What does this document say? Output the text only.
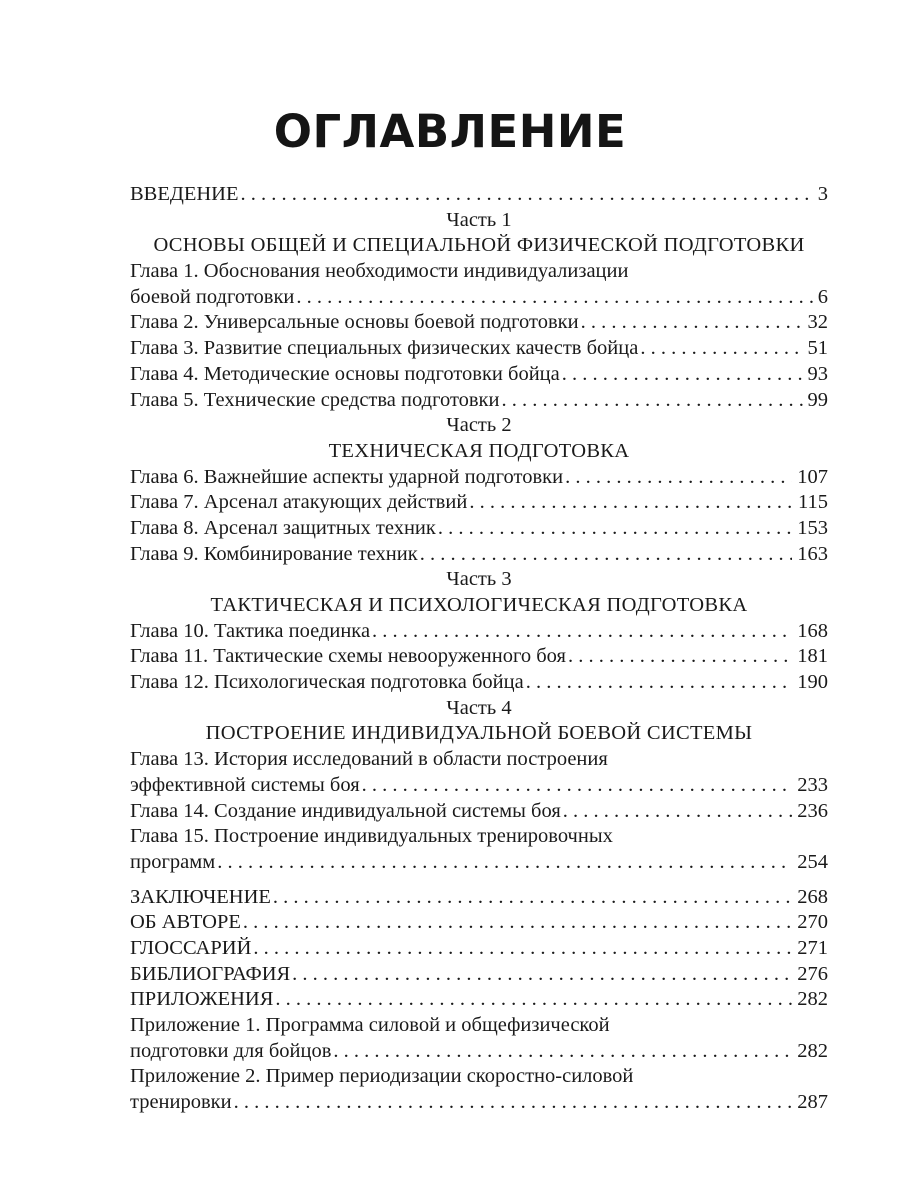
ОГЛАВЛЕНИЕ
ВВЕДЕНИЕ . . .	3
Часть 1
ОСНОВЫ ОБЩЕЙ И СПЕЦИАЛЬНОЙ ФИЗИЧЕСКОЙ ПОДГОТОВКИ
Глава 1. Обоснования необходимости индивидуализации
боевой подготовки . . .	6
Глава 2. Универсальные основы боевой подготовки . . .	32
Глава 3. Развитие специальных физических качеств бойца . . .	51
Глава 4. Методические основы подготовки бойца . . .	93
Глава 5. Технические средства подготовки . . .	99
Часть 2
ТЕХНИЧЕСКАЯ ПОДГОТОВКА
Глава 6. Важнейшие аспекты ударной подготовки . . .	107
Глава 7. Арсенал атакующих действий . . .	115
Глава 8. Арсенал защитных техник . . .	153
Глава 9. Комбинирование техник . . .	163
Часть 3
ТАКТИЧЕСКАЯ И ПСИХОЛОГИЧЕСКАЯ ПОДГОТОВКА
Глава 10. Тактика поединка . . .	168
Глава 11. Тактические схемы невооруженного боя . . .	181
Глава 12. Психологическая подготовка бойца . . .	190
Часть 4
ПОСТРОЕНИЕ ИНДИВИДУАЛЬНОЙ БОЕВОЙ СИСТЕМЫ
Глава 13. История исследований в области построения
эффективной системы боя . . .	233
Глава 14. Создание индивидуальной системы боя . . .	236
Глава 15. Построение индивидуальных тренировочных
программ . . .	254
ЗАКЛЮЧЕНИЕ . . .	268
ОБ АВТОРЕ . . .	270
ГЛОССАРИЙ . . .	271
БИБЛИОГРАФИЯ . . .	276
ПРИЛОЖЕНИЯ . . .	282
Приложение 1. Программа силовой и общефизической
подготовки для бойцов . . .	282
Приложение 2. Пример периодизации скоростно-силовой
тренировки . . .	287
